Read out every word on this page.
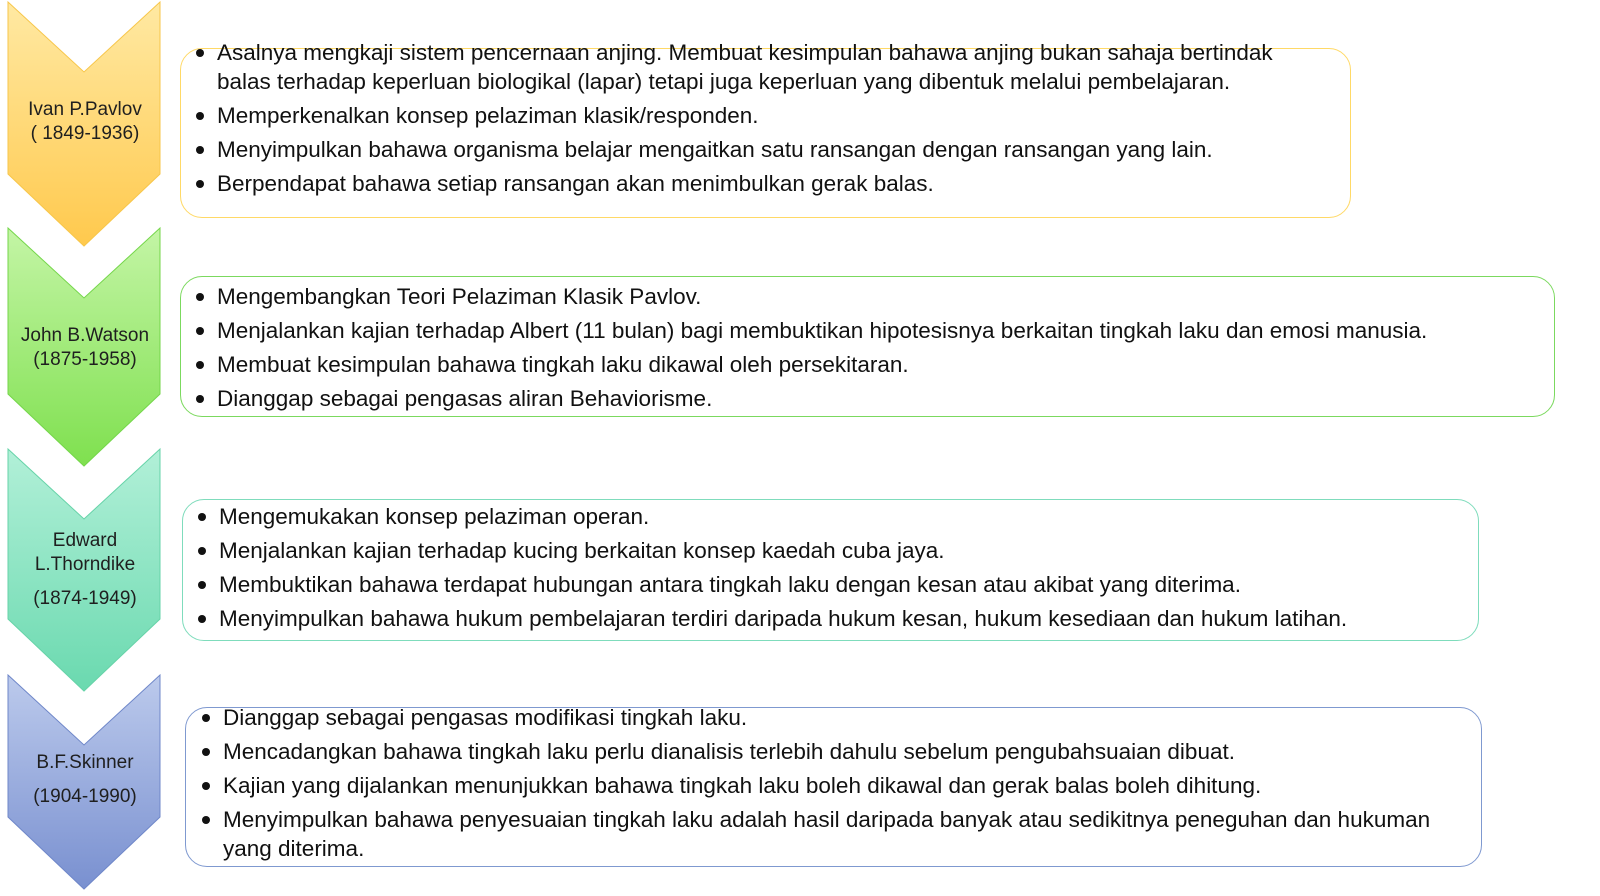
Ivan P.Pavlov
( 1849-1936)
Asalnya mengkaji sistem pencernaan anjing. Membuat kesimpulan bahawa anjing bukan sahaja bertindak balas terhadap keperluan biologikal (lapar) tetapi juga keperluan yang dibentuk melalui pembelajaran.
Memperkenalkan konsep pelaziman klasik/responden.
Menyimpulkan bahawa organisma belajar mengaitkan satu ransangan dengan ransangan yang lain.
Berpendapat bahawa setiap ransangan akan menimbulkan gerak balas.
John B.Watson
(1875-1958)
Mengembangkan Teori Pelaziman Klasik Pavlov.
Menjalankan kajian terhadap Albert (11 bulan) bagi membuktikan hipotesisnya berkaitan tingkah laku dan emosi manusia.
Membuat kesimpulan bahawa tingkah laku dikawal oleh persekitaran.
Dianggap sebagai pengasas aliran Behaviorisme.
Edward
L.Thorndike
(1874-1949)
Mengemukakan konsep pelaziman operan.
Menjalankan kajian terhadap kucing berkaitan konsep kaedah cuba jaya.
Membuktikan bahawa terdapat hubungan antara tingkah laku dengan kesan atau akibat yang diterima.
Menyimpulkan bahawa hukum pembelajaran terdiri daripada hukum kesan, hukum kesediaan dan hukum latihan.
B.F.Skinner
(1904-1990)
Dianggap sebagai pengasas modifikasi tingkah laku.
Mencadangkan bahawa tingkah laku perlu dianalisis terlebih dahulu sebelum pengubahsuaian dibuat.
Kajian yang dijalankan menunjukkan bahawa tingkah laku boleh dikawal dan gerak balas boleh dihitung.
Menyimpulkan bahawa penyesuaian tingkah laku adalah hasil daripada banyak atau sedikitnya peneguhan dan hukuman yang diterima.
